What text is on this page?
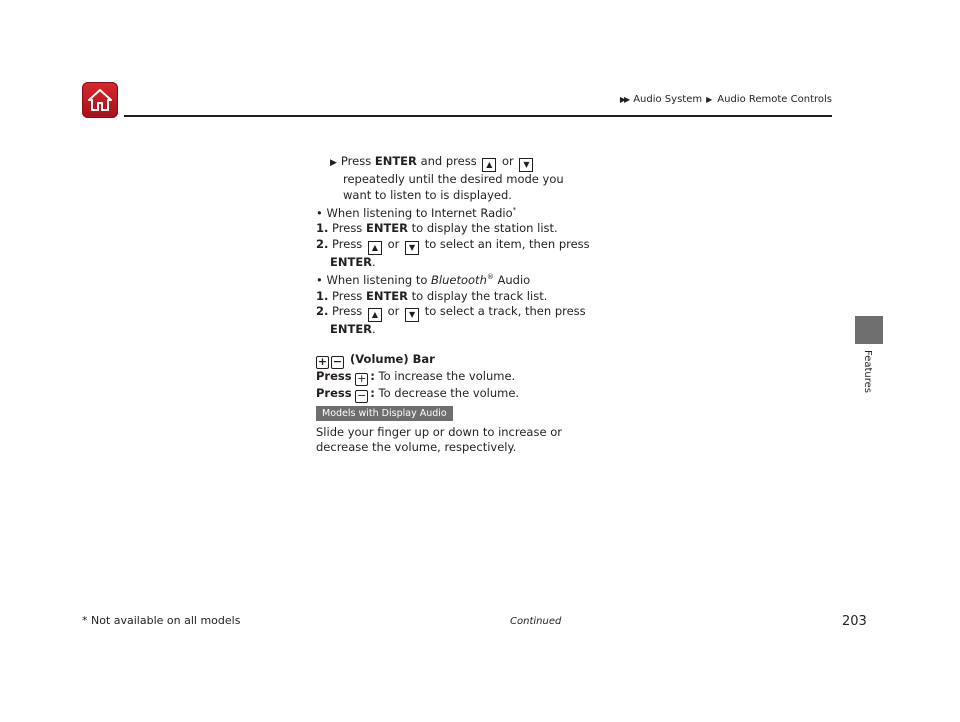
▶▶ Audio System ▶ Audio Remote Controls
Features
▶ Press ENTER and press ▲ or ▼
repeatedly until the desired mode you
want to listen to is displayed.
• When listening to Internet Radio*
1. Press ENTER to display the station list.
2. Press ▲ or ▼ to select an item, then press
ENTER.
• When listening to Bluetooth® Audio
1. Press ENTER to display the track list.
2. Press ▲ or ▼ to select a track, then press
ENTER.
+ − (Volume) Bar
Press + : To increase the volume.
Press − : To decrease the volume.
Models with Display Audio
Slide your finger up or down to increase or
decrease the volume, respectively.
* Not available on all models	Continued	203
